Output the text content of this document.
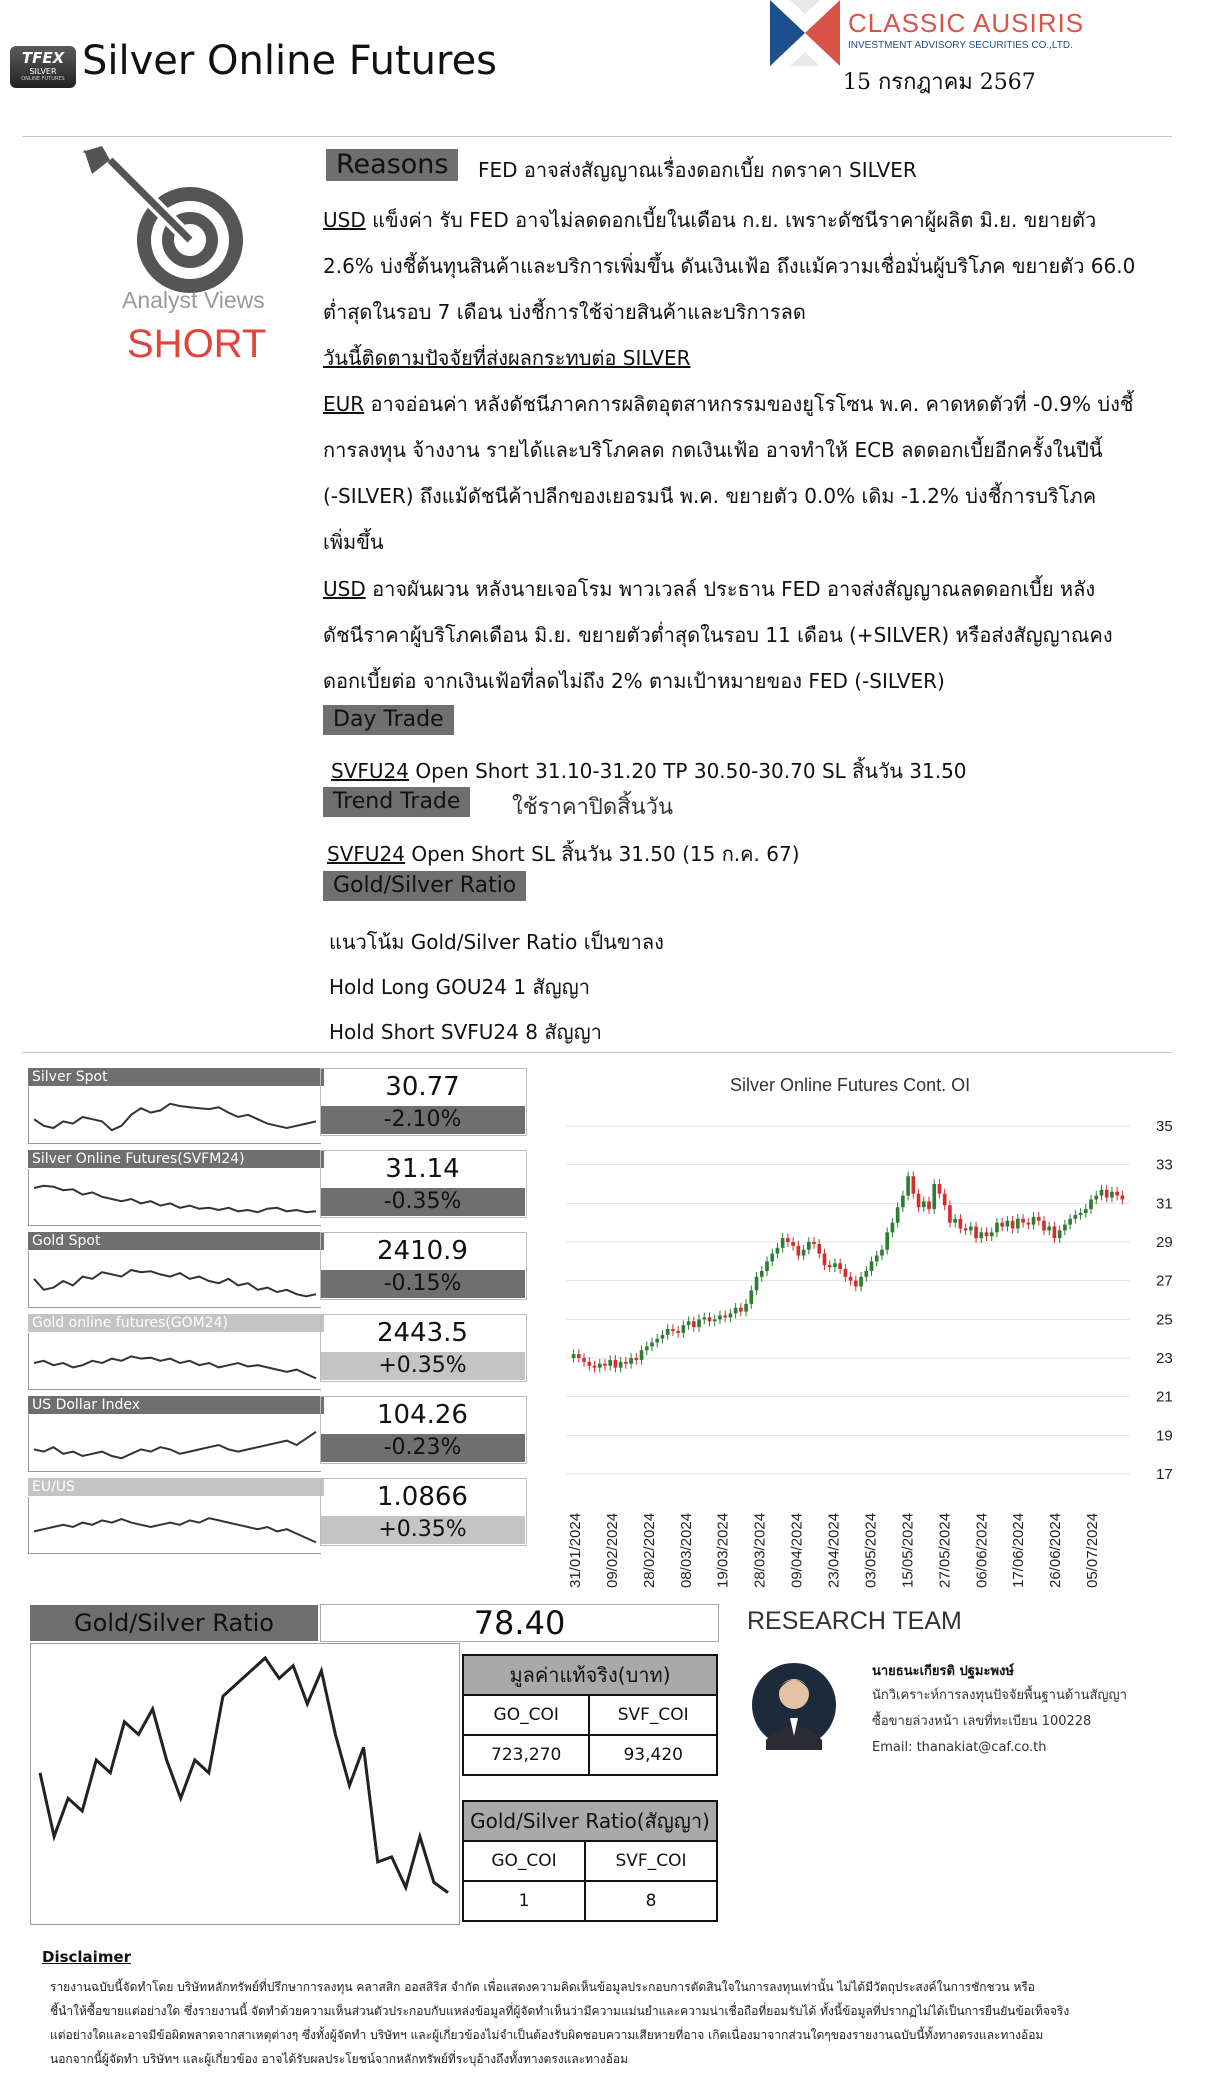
TFEX
SILVER
ONLINE FUTURES Silver Online Futures
CLASSIC AUSIRIS
INVESTMENT ADVISORY SECURITIES CO.,LTD.
15 กรกฎาคม 2567
Analyst Views
SHORT
Reasons	FED อาจส่งสัญญาณเรื่องดอกเบี้ย กดราคา SILVER
USD แข็งค่า รับ FED อาจไม่ลดดอกเบี้ยในเดือน ก.ย. เพราะดัชนีราคาผู้ผลิต มิ.ย. ขยายตัว
2.6% บ่งชี้ต้นทุนสินค้าและบริการเพิ่มขึ้น ดันเงินเฟ้อ ถึงแม้ความเชื่อมั่นผู้บริโภค ขยายตัว 66.0
ต่ำสุดในรอบ 7 เดือน บ่งชี้การใช้จ่ายสินค้าและบริการลด
วันนี้ติดตามปัจจัยที่ส่งผลกระทบต่อ SILVER
EUR อาจอ่อนค่า หลังดัชนีภาคการผลิตอุตสาหกรรมของยูโรโซน พ.ค. คาดหดตัวที่ -0.9% บ่งชี้
การลงทุน จ้างงาน รายได้และบริโภคลด กดเงินเฟ้อ อาจทำให้ ECB ลดดอกเบี้ยอีกครั้งในปีนี้
(-SILVER) ถึงแม้ดัชนีค้าปลีกของเยอรมนี พ.ค. ขยายตัว 0.0% เดิม -1.2% บ่งชี้การบริโภค
เพิ่มขึ้น
USD อาจผันผวน หลังนายเจอโรม พาวเวลล์ ประธาน FED อาจส่งสัญญาณลดดอกเบี้ย หลัง
ดัชนีราคาผู้บริโภคเดือน มิ.ย. ขยายตัวต่ำสุดในรอบ 11 เดือน (+SILVER) หรือส่งสัญญาณคง
ดอกเบี้ยต่อ จากเงินเฟ้อที่ลดไม่ถึง 2% ตามเป้าหมายของ FED (-SILVER)
Day Trade
SVFU24 Open Short 31.10-31.20 TP 30.50-30.70 SL สิ้นวัน 31.50
Trend Trade	ใช้ราคาปิดสิ้นวัน
SVFU24 Open Short SL สิ้นวัน 31.50 (15 ก.ค. 67)
Gold/Silver Ratio
แนวโน้ม Gold/Silver Ratio เป็นขาลง
Hold Long GOU24 1 สัญญา
Hold Short SVFU24 8 สัญญา
Silver Spot	30.77
-2.10%
Silver Online Futures(SVFM24)	31.14
-0.35%
Gold Spot	2410.9
-0.15%
Gold online futures(GOM24)	2443.5
+0.35%
US Dollar Index	104.26
-0.23%
EU/US	1.0866
+0.35%
Silver Online Futures Cont. OI
35
33
31
29
27
25
23
21
19
17
31/01/2024 09/02/2024 28/02/2024 08/03/2024 19/03/2024 28/03/2024 09/04/2024 23/04/2024 03/05/2024 15/05/2024 27/05/2024 06/06/2024 17/06/2024 26/06/2024 05/07/2024
Gold/Silver Ratio	78.40	RESEARCH TEAM
นายธนะเกียรติ ปฐมะพงษ์
นักวิเคราะห์การลงทุนปัจจัยพื้นฐานด้านสัญญา
ซื้อขายล่วงหน้า เลขที่ทะเบียน 100228
Email: thanakiat@caf.co.th
มูลค่าแท้จริง(บาท)	
GO_COI	SVF_COI
723,270	93,420
Gold/Silver Ratio(สัญญา)	
GO_COI	SVF_COI
1	8
Disclaimer
รายงานฉบับนี้จัดทำโดย บริษัทหลักทรัพย์ที่ปรึกษาการลงทุน คลาสสิก ออสสิริส จำกัด เพื่อแสดงความคิดเห็นข้อมูลประกอบการตัดสินใจในการลงทุนเท่านั้น ไม่ได้มีวัตถุประสงค์ในการชักชวน หรือ
ชี้นำให้ซื้อขายแต่อย่างใด ซึ่งรายงานนี้ จัดทำด้วยความเห็นส่วนตัวประกอบกับแหล่งข้อมูลที่ผู้จัดทำเห็นว่ามีความแม่นยำและความน่าเชื่อถือที่ยอมรับได้ ทั้งนี้ข้อมูลที่ปรากฏไม่ได้เป็นการยืนยันข้อเท็จจริง
แต่อย่างใดและอาจมีข้อผิดพลาดจากสาเหตุต่างๆ ซึ่งทั้งผู้จัดทำ บริษัทฯ และผู้เกี่ยวข้องไม่จำเป็นต้องรับผิดชอบความเสียหายที่อาจ เกิดเนื่องมาจากส่วนใดๆของรายงานฉบับนี้ทั้งทางตรงและทางอ้อม
นอกจากนี้ผู้จัดทำ บริษัทฯ และผู้เกี่ยวข้อง อาจได้รับผลประโยชน์จากหลักทรัพย์ที่ระบุอ้างถึงทั้งทางตรงและทางอ้อม
